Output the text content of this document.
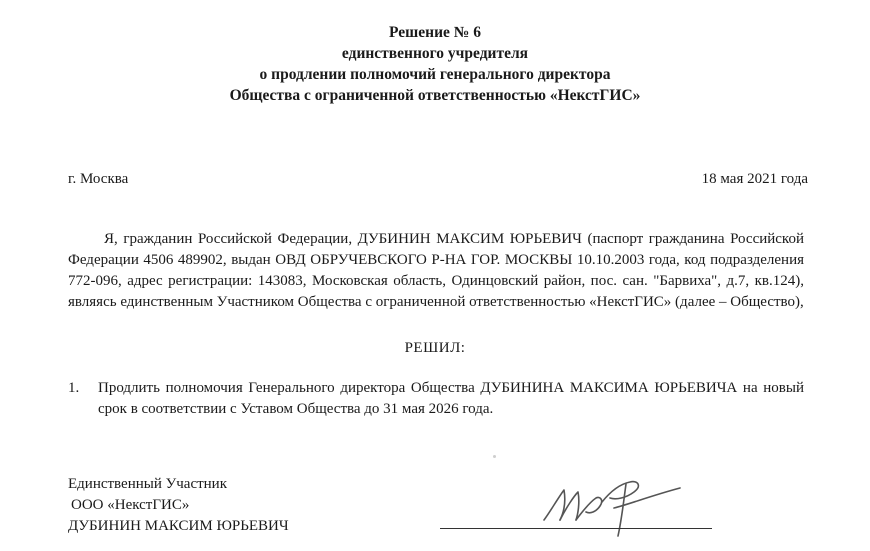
Решение № 6
единственного учредителя
о продлении полномочий генерального директора
Общества с ограниченной ответственностью «НекстГИС»
г. Москва	18 мая 2021 года

Я, гражданин Российской Федерации, ДУБИНИН МАКСИМ ЮРЬЕВИЧ (паспорт гражданина Российской Федерации 4506 489902, выдан ОВД ОБРУЧЕВСКОГО Р-НА ГОР. МОСКВЫ 10.10.2003 года, код подразделения 772-096, адрес регистрации: 143083, Московская область, Одинцовский район, пос. сан. "Барвиха", д.7, кв.124), являясь единственным Участником Общества с ограниченной ответственностью «НекстГИС» (далее – Общество),

РЕШИЛ:
1. Продлить полномочия Генерального директора Общества ДУБИНИНА МАКСИМА ЮРЬЕВИЧА на новый срок в соответствии с Уставом Общества до 31 мая 2026 года.
Единственный Участник
ООО «НекстГИС»
ДУБИНИН МАКСИМ ЮРЬЕВИЧ
